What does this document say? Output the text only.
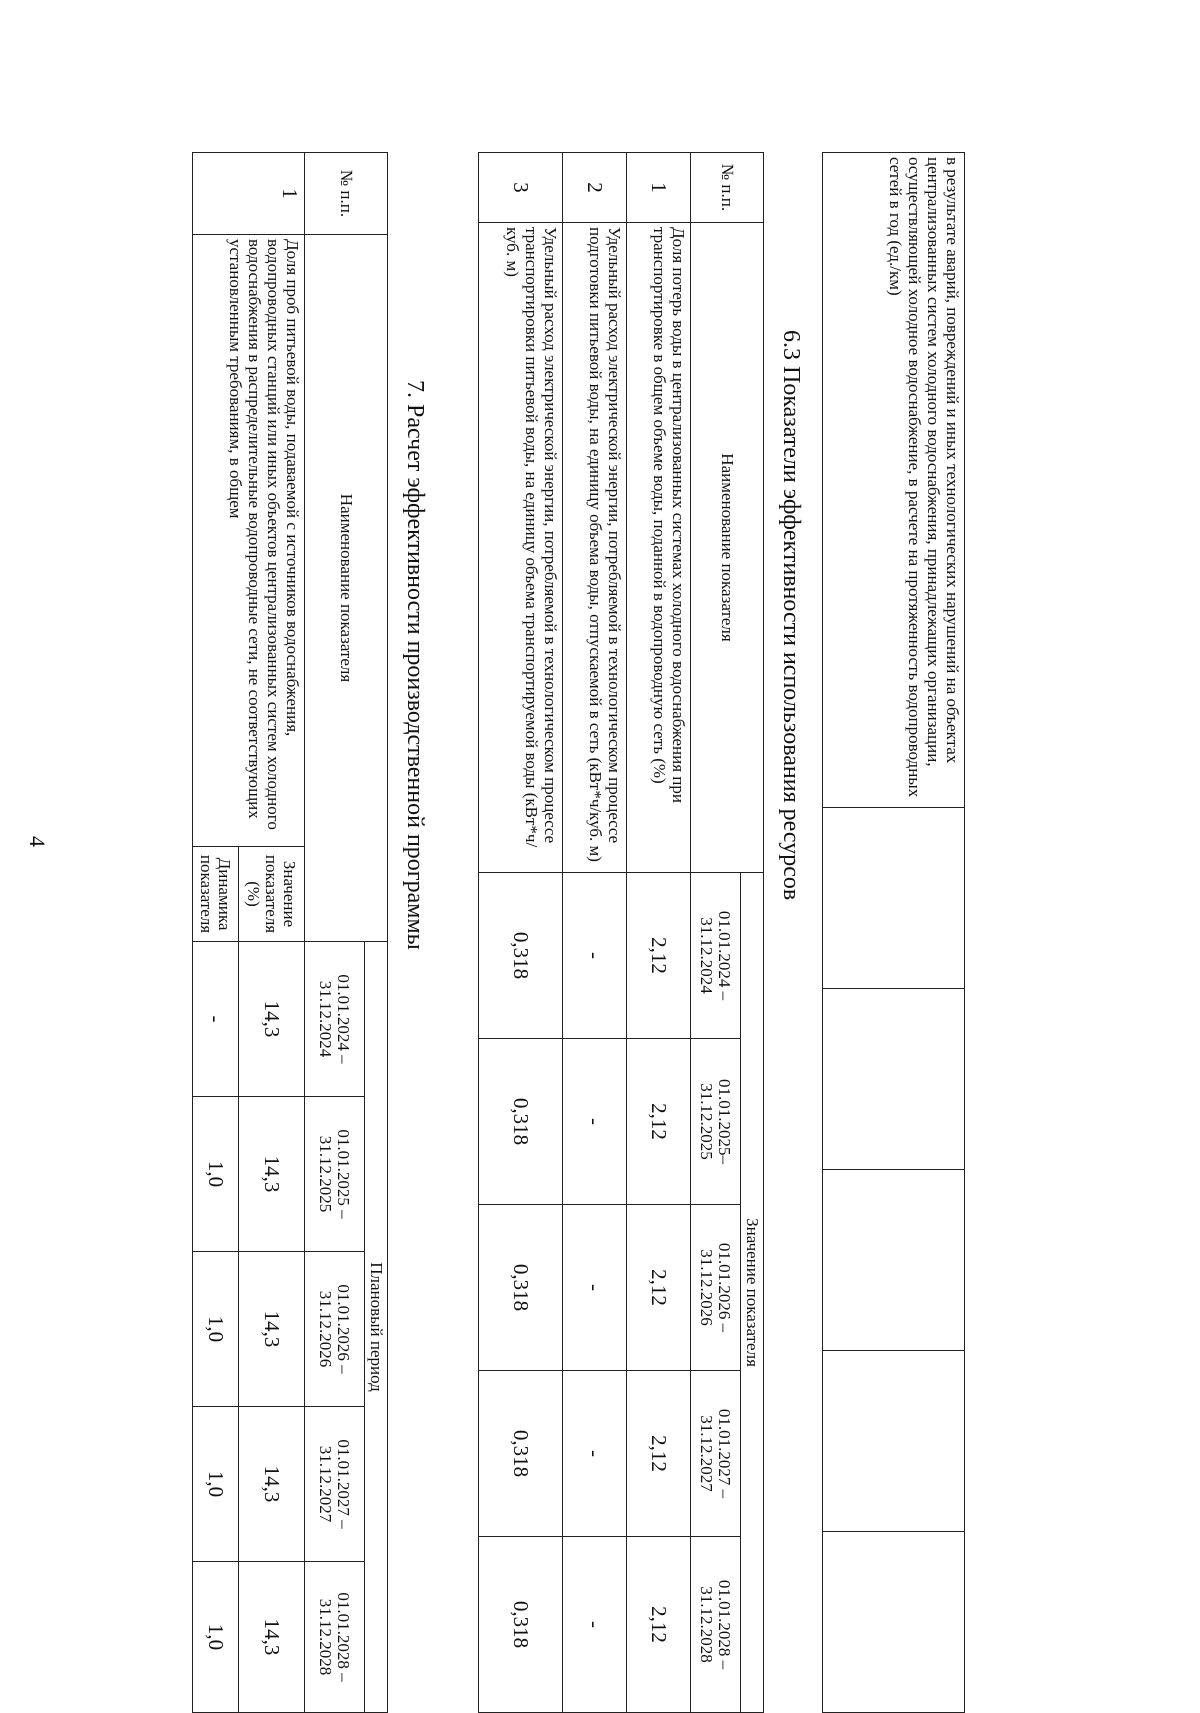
4
в результате аварий, повреждений и иных технологических нарушений на объектах централизованных систем холодного водоснабжения, принадлежащих организации, осуществляющей холодное водоснабжение, в расчете на протяженность водопроводных сетей в год (ед./км)					
6.3 Показатели эффективности использования ресурсов
№ п.п.	Наименование показателя	Значение показателя				
		01.01.2024 – 31.12.2024	01.01.2025– 31.12.2025	01.01.2026 – 31.12.2026	01.01.2027 – 31.12.2027	01.01.2028 – 31.12.2028
1	Доля потерь воды в централизованных системах холодного водоснабжения при транспортировке в общем объеме воды, поданной в водопроводную сеть (%)	2,12	2,12	2,12	2,12	2,12
2	Удельный расход электрической энергии, потребляемой в технологическом процессе подготовки питьевой воды, на единицу объема воды, отпускаемой в сеть (кВт*ч/куб. м)	-	-	-	-	-
3	Удельный расход электрической энергии, потребляемой в технологическом процессе транспортировки питьевой воды, на единицу объема транспортируемой воды (кВт*ч/куб. м)	0,318	0,318	0,318	0,318	0,318
7. Расчет эффективности производственной программы
№ п.п.	Наименование показателя		Плановый период				
			01.01.2024 – 31.12.2024	01.01.2025 – 31.12.2025	01.01.2026 – 31.12.2026	01.01.2027 – 31.12.2027	01.01.2028 – 31.12.2028
1	Доля проб питьевой воды, подаваемой с источников водоснабжения, водопроводных станций или иных объектов централизованных систем холодного водоснабжения в распределительные водопроводные сети, не соответствующих установленным требованиям, в общем	Значение показателя (%)	14,3	14,3	14,3	14,3	14,3
		Динамика показателя	-	1,0	1,0	1,0	1,0
